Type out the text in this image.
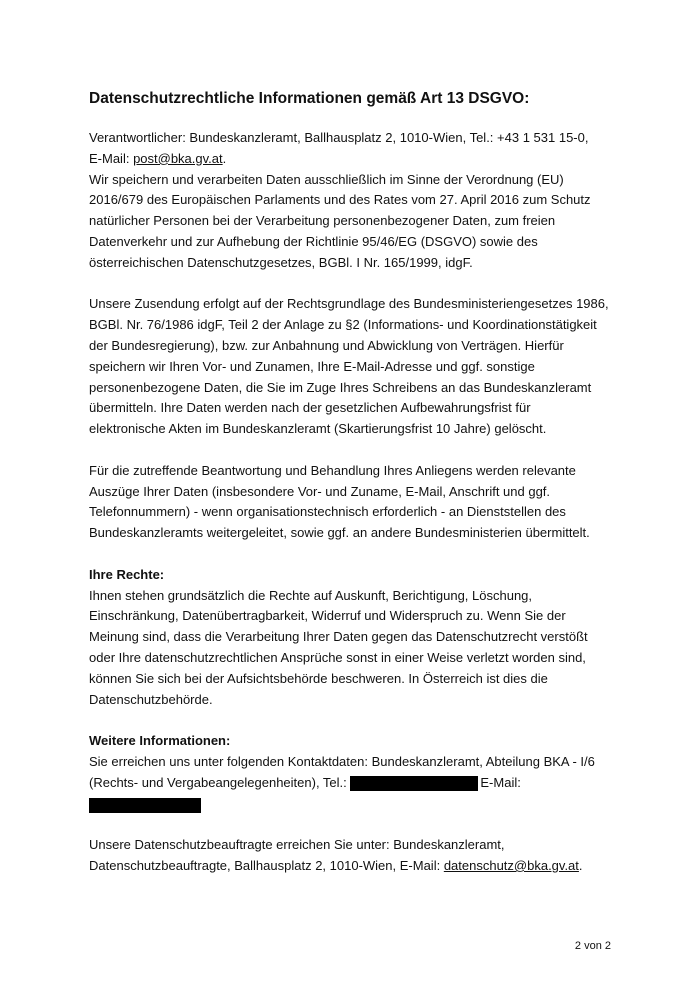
Datenschutzrechtliche Informationen gemäß Art 13 DSGVO:

Verantwortlicher: Bundeskanzleramt, Ballhausplatz 2, 1010-Wien, Tel.: +43 1 531 15-0,
E-Mail: post@bka.gv.at.
Wir speichern und verarbeiten Daten ausschließlich im Sinne der Verordnung (EU) 2016/679 des Europäischen Parlaments und des Rates vom 27. April 2016 zum Schutz natürlicher Personen bei der Verarbeitung personenbezogener Daten, zum freien Datenverkehr und zur Aufhebung der Richtlinie 95/46/EG (DSGVO) sowie des österreichischen Datenschutzgesetzes, BGBl. I Nr. 165/1999, idgF.

Unsere Zusendung erfolgt auf der Rechtsgrundlage des Bundesministeriengesetzes 1986, BGBl. Nr. 76/1986 idgF, Teil 2 der Anlage zu §2 (Informations- und Koordinationstätigkeit der Bundesregierung), bzw. zur Anbahnung und Abwicklung von Verträgen. Hierfür speichern wir Ihren Vor- und Zunamen, Ihre E-Mail-Adresse und ggf. sonstige personenbezogene Daten, die Sie im Zuge Ihres Schreibens an das Bundeskanzleramt übermitteln. Ihre Daten werden nach der gesetzlichen Aufbewahrungsfrist für elektronische Akten im Bundeskanzleramt (Skartierungsfrist 10 Jahre) gelöscht.

Für die zutreffende Beantwortung und Behandlung Ihres Anliegens werden relevante Auszüge Ihrer Daten (insbesondere Vor- und Zuname, E-Mail, Anschrift und ggf. Telefonnummern) - wenn organisationstechnisch erforderlich - an Dienststellen des Bundeskanzleramts weitergeleitet, sowie ggf. an andere Bundesministerien übermittelt.

Ihre Rechte:
Ihnen stehen grundsätzlich die Rechte auf Auskunft, Berichtigung, Löschung, Einschränkung, Datenübertragbarkeit, Widerruf und Widerspruch zu. Wenn Sie der Meinung sind, dass die Verarbeitung Ihrer Daten gegen das Datenschutzrecht verstößt oder Ihre datenschutzrechtlichen Ansprüche sonst in einer Weise verletzt worden sind, können Sie sich bei der Aufsichtsbehörde beschweren. In Österreich ist dies die Datenschutzbehörde.

Weitere Informationen:
Sie erreichen uns unter folgenden Kontaktdaten: Bundeskanzleramt, Abteilung BKA - I/6 (Rechts- und Vergabeangelegenheiten), Tel.:	E-Mail:

Unsere Datenschutzbeauftragte erreichen Sie unter: Bundeskanzleramt, Datenschutzbeauftragte, Ballhausplatz 2, 1010-Wien, E-Mail: datenschutz@bka.gv.at.

2 von 2
